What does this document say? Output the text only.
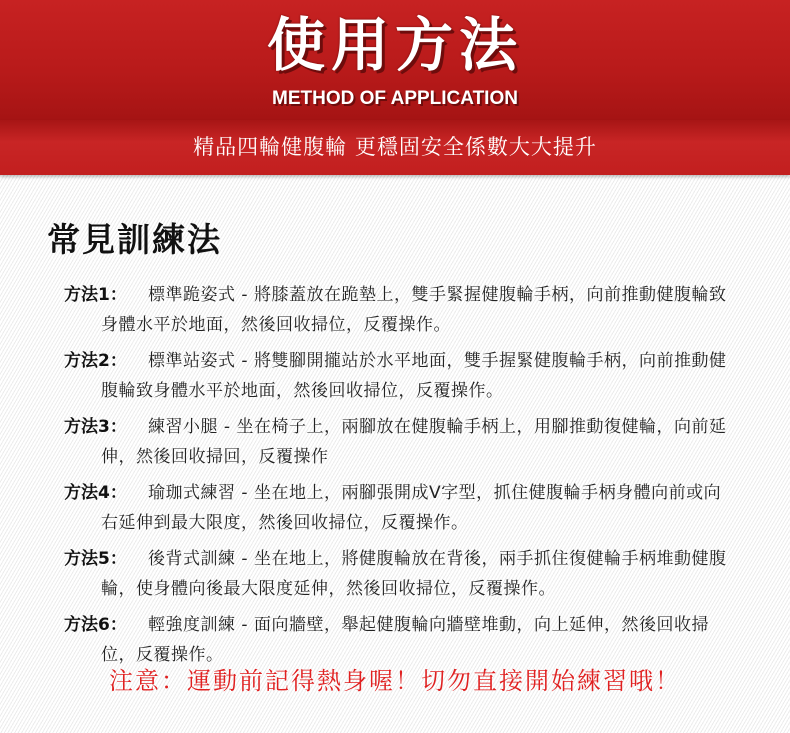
使用方法
METHOD OF APPLICATION
精品四輪健腹輪 更穩固安全係數大大提升
常見訓練法
方法1： 標準跪姿式 - 將膝蓋放在跪墊上，雙手緊握健腹輪手柄，向前推動健腹輪致身體水平於地面，然後回收掃位，反覆操作。
方法2： 標準站姿式 - 將雙腳開攏站於水平地面，雙手握緊健腹輪手柄，向前推動健腹輪致身體水平於地面，然後回收掃位，反覆操作。
方法3： 練習小腿 - 坐在椅子上，兩腳放在健腹輪手柄上，用腳推動復健輪，向前延伸，然後回收掃回，反覆操作
方法4： 瑜珈式練習 - 坐在地上，兩腳張開成V字型，抓住健腹輪手柄身體向前或向右延伸到最大限度，然後回收掃位，反覆操作。
方法5： 後背式訓練 - 坐在地上，將健腹輪放在背後，兩手抓住復健輪手柄堆動健腹輪，使身體向後最大限度延伸，然後回收掃位，反覆操作。
方法6： 輕強度訓練 - 面向牆壁，舉起健腹輪向牆壁堆動，向上延伸，然後回收掃位，反覆操作。
注意：運動前記得熱身喔！切勿直接開始練習哦！
